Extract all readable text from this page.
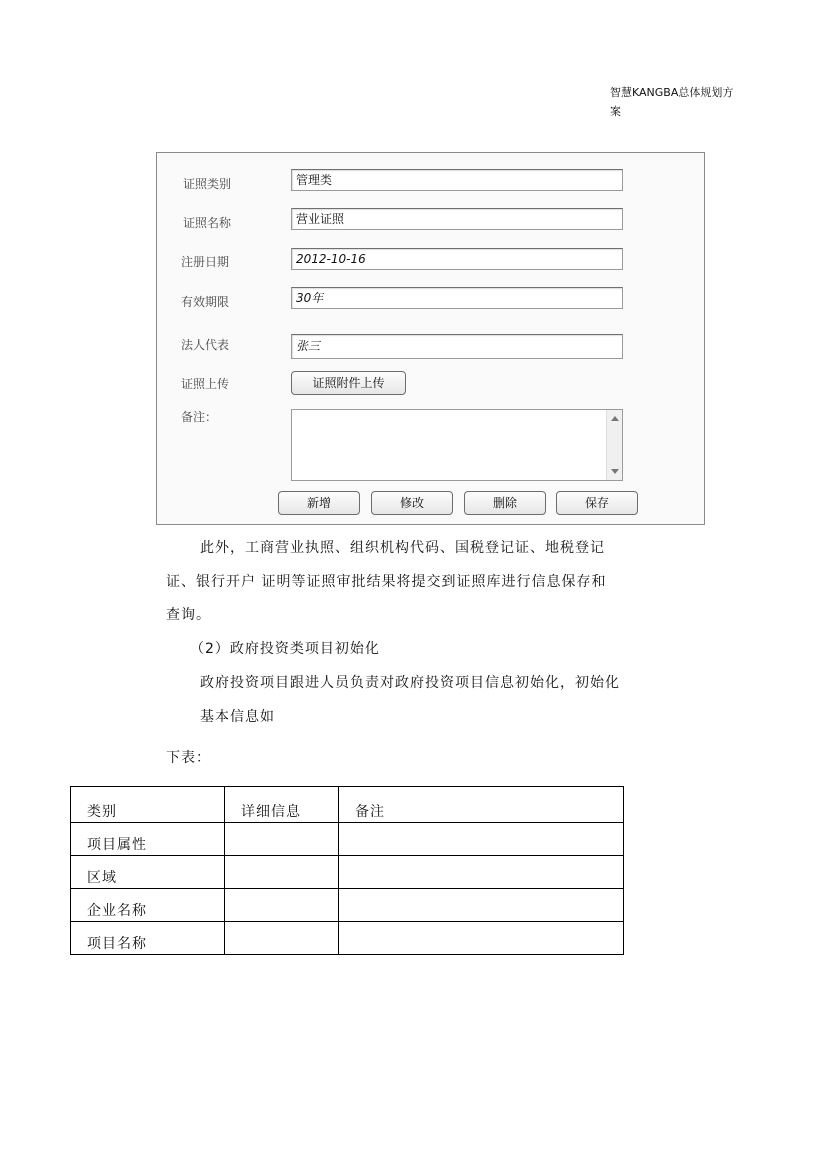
智慧KANGBA总体规划方
案
证照类别	管理类
证照名称	营业证照
注册日期	2012-10-16
有效期限	30年
法人代表	张三
证照上传	证照附件上传
备注：
新增	修改	删除	保存
此外，工商营业执照、组织机构代码、国税登记证、地税登记
证、银行开户 证明等证照审批结果将提交到证照库进行信息保存和
查询。
（2）政府投资类项目初始化
政府投资项目跟进人员负责对政府投资项目信息初始化，初始化
基本信息如
下表：
类别	详细信息	备注
项目属性		
区域		
企业名称		
项目名称		
